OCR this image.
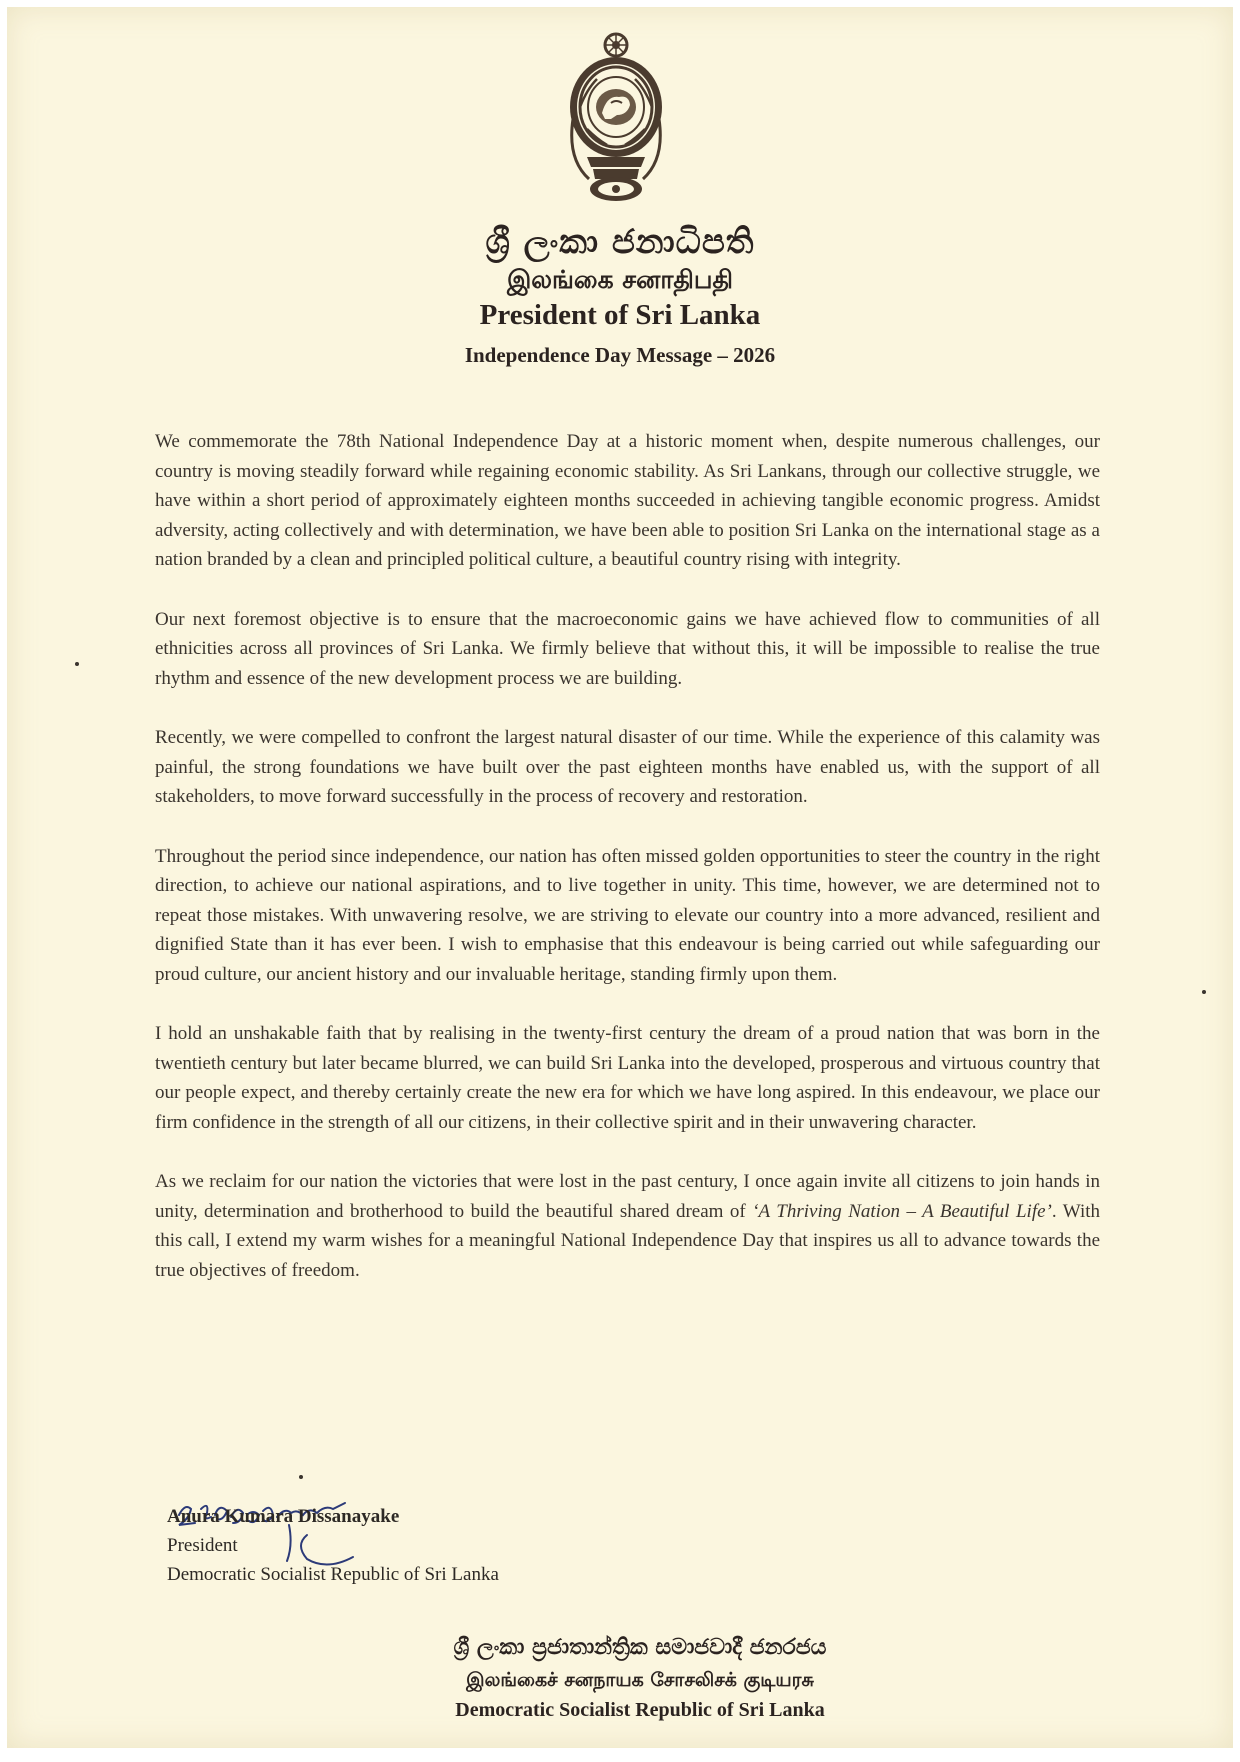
ශ්‍රී ලංකා ජනාධිපති
இலங்கை சனாதிபதி
President of Sri Lanka
Independence Day Message – 2026

We commemorate the 78th National Independence Day at a historic moment when, despite numerous challenges, our country is moving steadily forward while regaining economic stability. As Sri Lankans, through our collective struggle, we have within a short period of approximately eighteen months succeeded in achieving tangible economic progress. Amidst adversity, acting collectively and with determination, we have been able to position Sri Lanka on the international stage as a nation branded by a clean and principled political culture, a beautiful country rising with integrity.

Our next foremost objective is to ensure that the macroeconomic gains we have achieved flow to communities of all ethnicities across all provinces of Sri Lanka. We firmly believe that without this, it will be impossible to realise the true rhythm and essence of the new development process we are building.

Recently, we were compelled to confront the largest natural disaster of our time. While the experience of this calamity was painful, the strong foundations we have built over the past eighteen months have enabled us, with the support of all stakeholders, to move forward successfully in the process of recovery and restoration.

Throughout the period since independence, our nation has often missed golden opportunities to steer the country in the right direction, to achieve our national aspirations, and to live together in unity. This time, however, we are determined not to repeat those mistakes. With unwavering resolve, we are striving to elevate our country into a more advanced, resilient and dignified State than it has ever been. I wish to emphasise that this endeavour is being carried out while safeguarding our proud culture, our ancient history and our invaluable heritage, standing firmly upon them.

I hold an unshakable faith that by realising in the twenty-first century the dream of a proud nation that was born in the twentieth century but later became blurred, we can build Sri Lanka into the developed, prosperous and virtuous country that our people expect, and thereby certainly create the new era for which we have long aspired. In this endeavour, we place our firm confidence in the strength of all our citizens, in their collective spirit and in their unwavering character.

As we reclaim for our nation the victories that were lost in the past century, I once again invite all citizens to join hands in unity, determination and brotherhood to build the beautiful shared dream of ‘A Thriving Nation – A Beautiful Life’. With this call, I extend my warm wishes for a meaningful National Independence Day that inspires us all to advance towards the true objectives of freedom.

Anura Kumara Dissanayake
President
Democratic Socialist Republic of Sri Lanka
ශ්‍රී ලංකා ප්‍රජාතාන්ත්‍රික සමාජවාදී ජනරජය
இலங்கைச் சனநாயக சோசலிசக் குடியரசு
Democratic Socialist Republic of Sri Lanka
